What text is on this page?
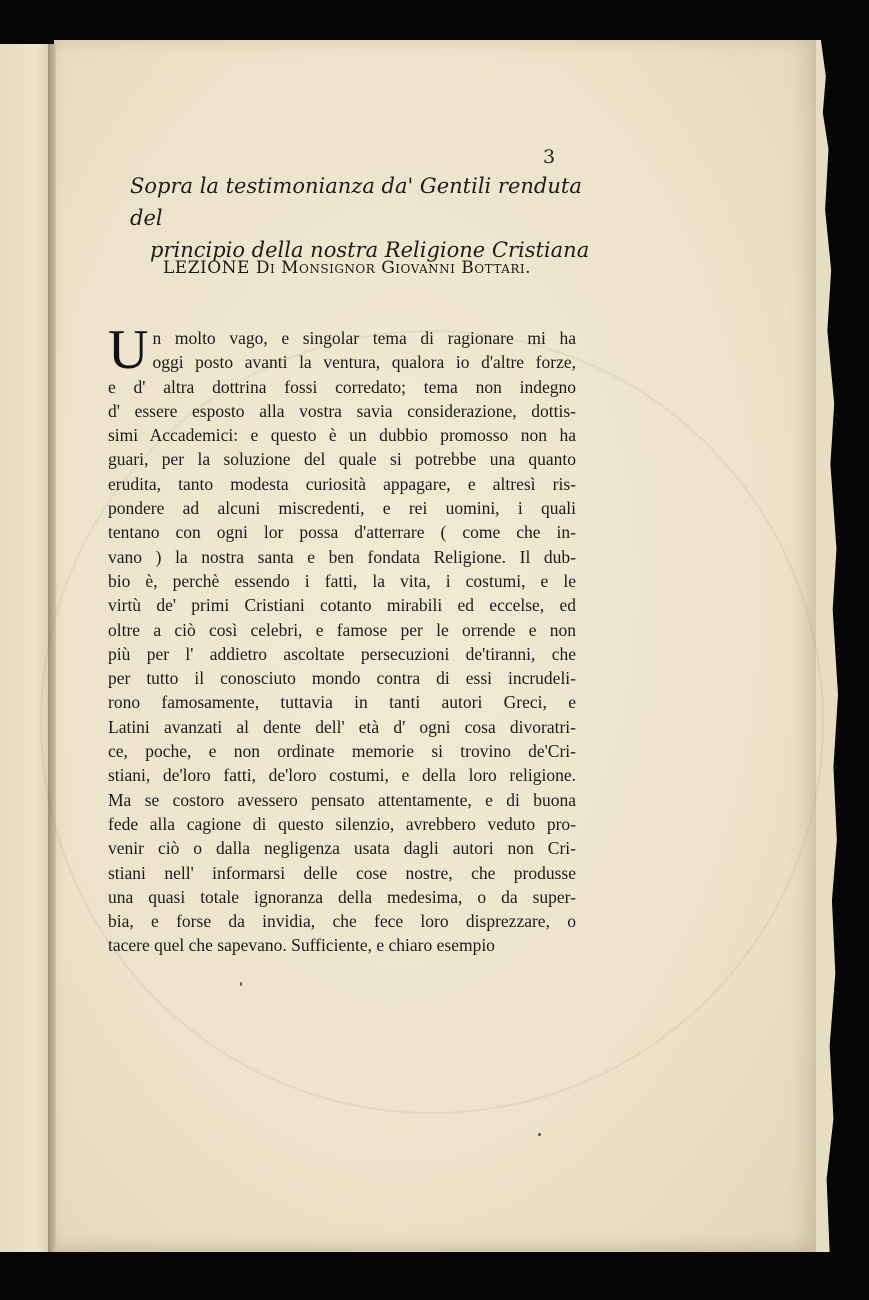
3
Sopra la testimonianza da' Gentili renduta del
principio della nostra Religione Cristiana
LEZIONE Di Monsignor Giovanni Bottari.
U n molto vago, e singolar tema di ragionare mi ha
oggi posto avanti la ventura, qualora io d'altre forze,
e d' altra dottrina fossi corredato; tema non indegno
d' essere esposto alla vostra savia considerazione, dottis-
simi Accademici: e questo è un dubbio promosso non ha
guari, per la soluzione del quale si potrebbe una quanto
erudita, tanto modesta curiosità appagare, e altresì ris-
pondere ad alcuni miscredenti, e rei uomini, i quali
tentano con ogni lor possa d'atterrare ( come che in-
vano ) la nostra santa e ben fondata Religione. Il dub-
bio è, perchè essendo i fatti, la vita, i costumi, e le
virtù de' primi Cristiani cotanto mirabili ed eccelse, ed
oltre a ciò così celebri, e famose per le orrende e non
più per l' addietro ascoltate persecuzioni de'tiranni, che
per tutto il conosciuto mondo contra di essi incrudeli-
rono famosamente, tuttavia in tanti autori Greci, e
Latini avanzati al dente dell' età d' ogni cosa divoratri-
ce, poche, e non ordinate memorie si trovino de'Cri-
stiani, de'loro fatti, de'loro costumi, e della loro religione.
Ma se costoro avessero pensato attentamente, e di buona
fede alla cagione di questo silenzio, avrebbero veduto pro-
venir ciò o dalla negligenza usata dagli autori non Cri-
stiani nell' informarsi delle cose nostre, che produsse
una quasi totale ignoranza della medesima, o da super-
bia, e forse da invidia, che fece loro disprezzare, o
tacere quel che sapevano. Sufficiente, e chiaro esempio
